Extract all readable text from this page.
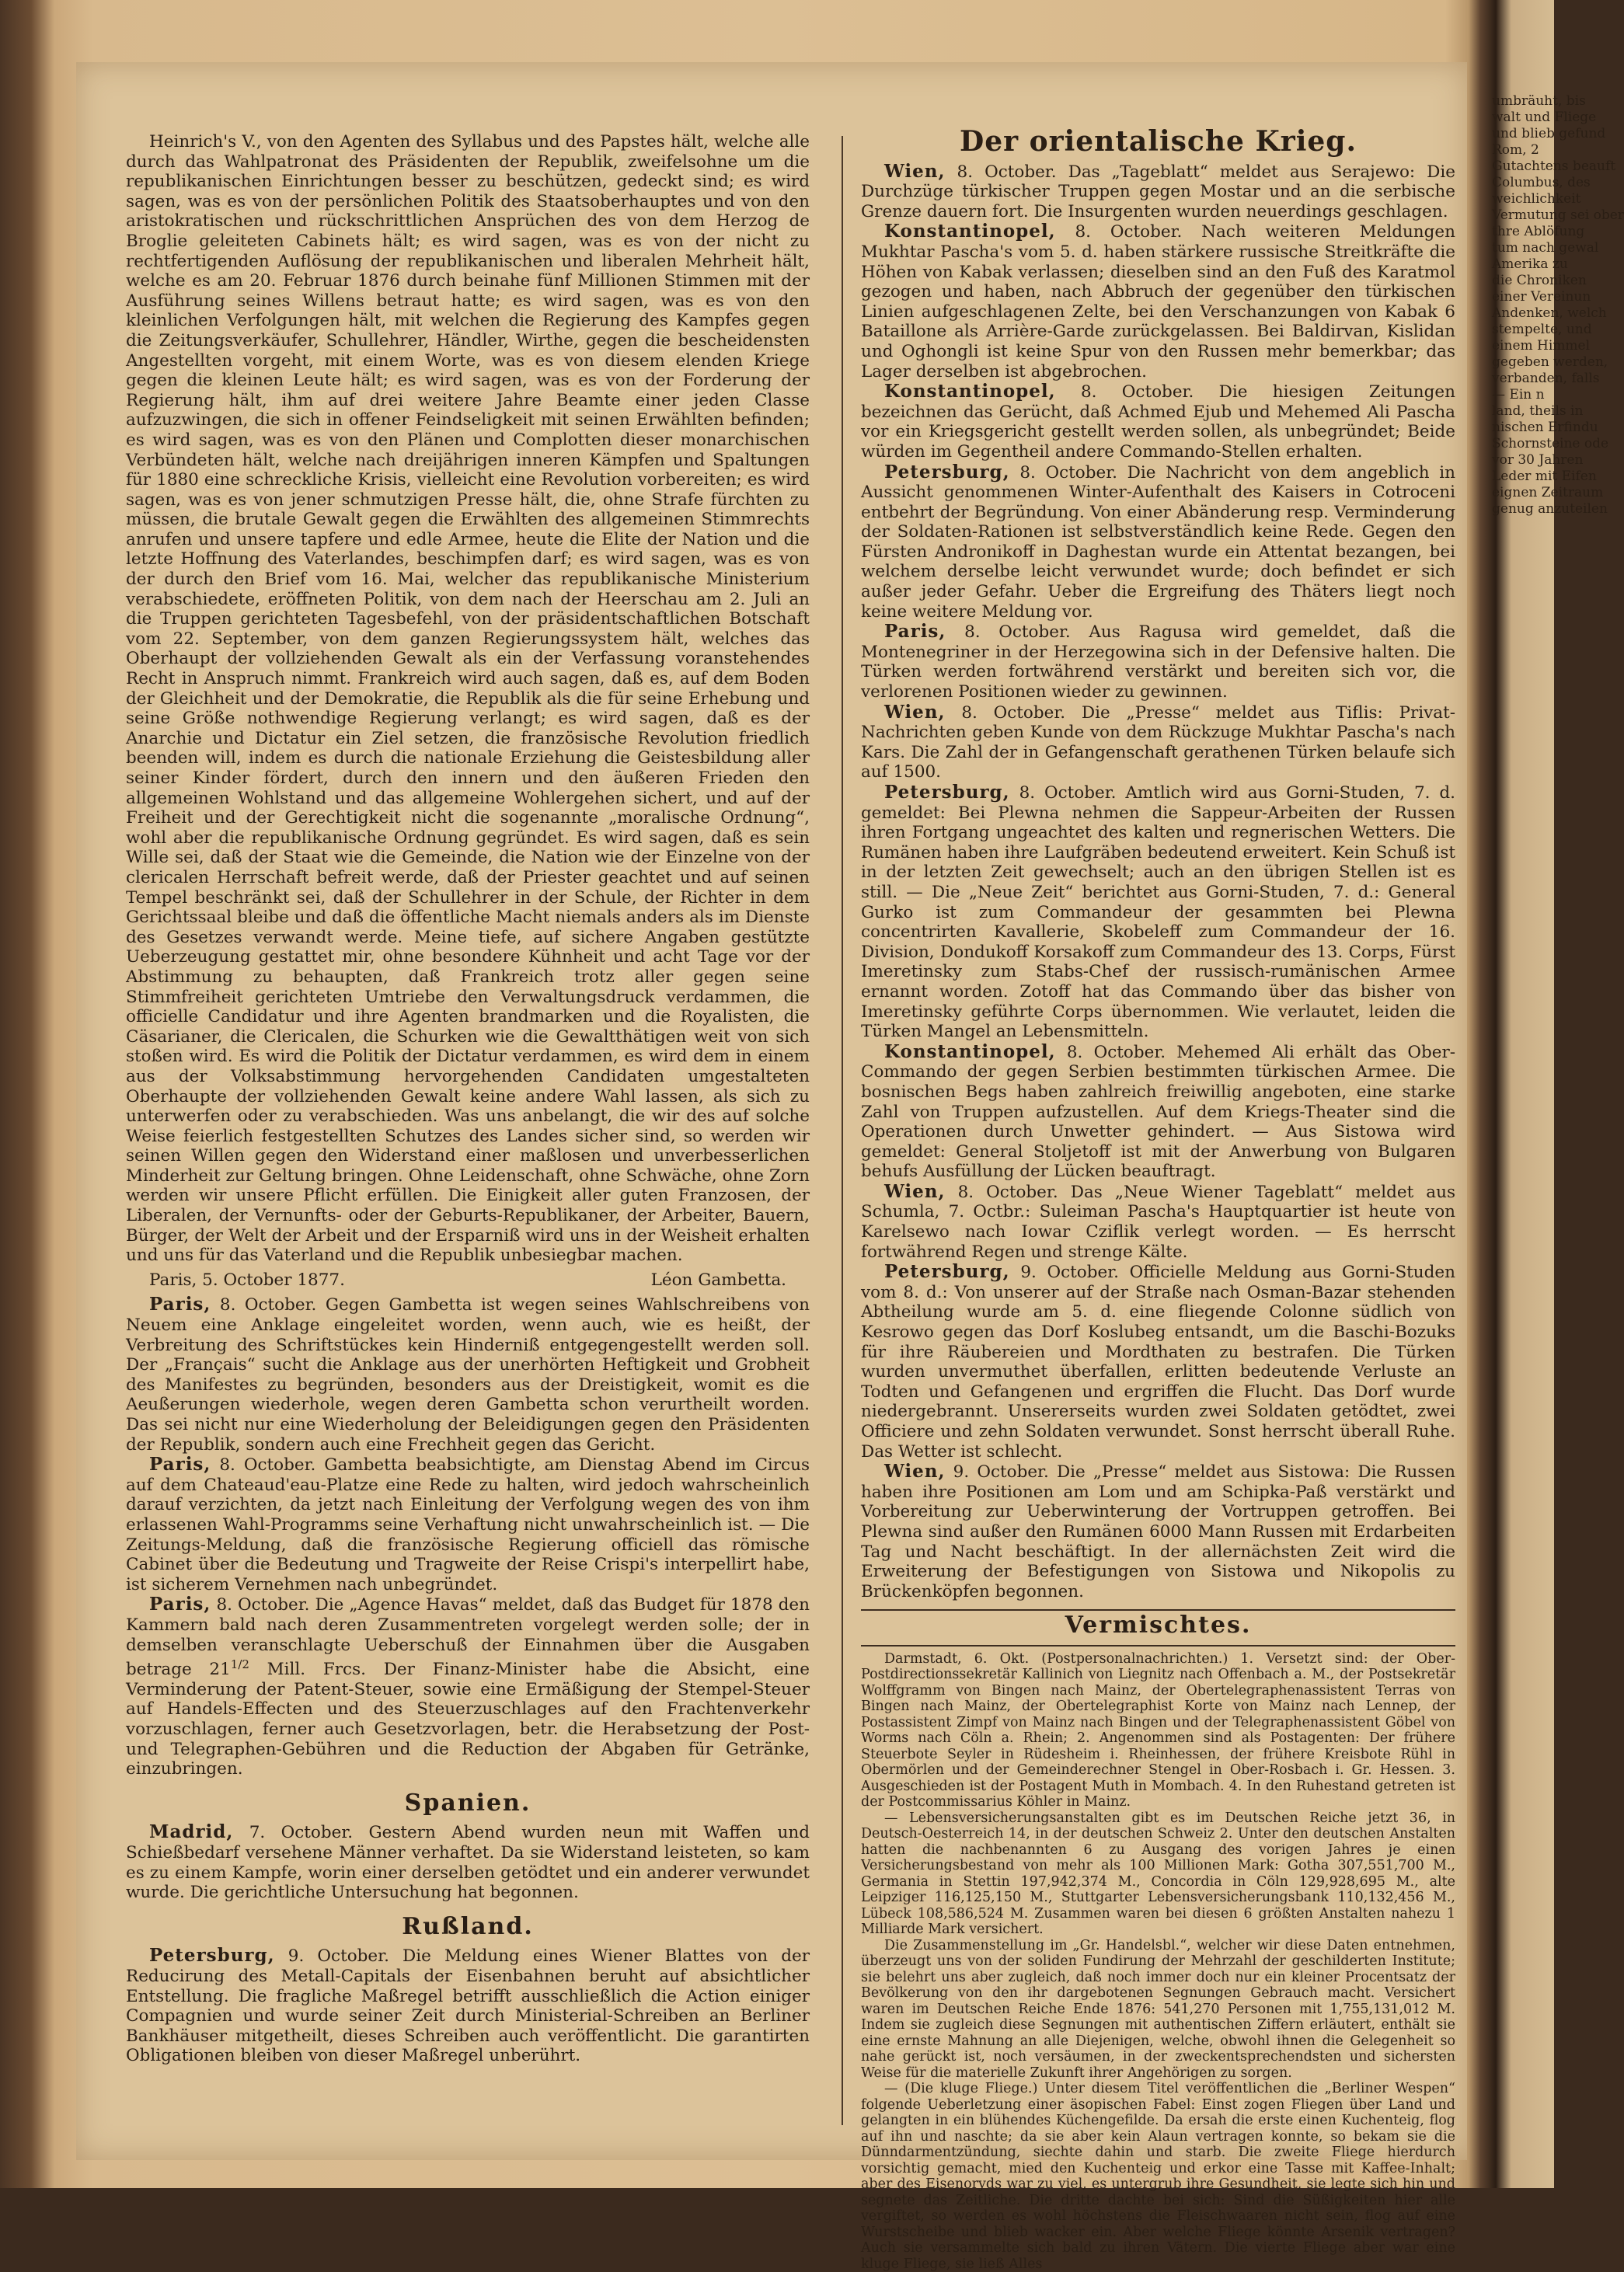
Heinrich's V., von den Agenten des Syllabus und des Papstes hält, welche alle durch das Wahlpatronat des Präsidenten der Republik, zweifelsohne um die republikanischen Einrichtungen besser zu beschützen, gedeckt sind; es wird sagen, was es von der persönlichen Politik des Staatsoberhauptes und von den aristokratischen und rückschrittlichen Ansprüchen des von dem Herzog de Broglie geleiteten Cabinets hält; es wird sagen, was es von der nicht zu rechtfertigenden Auflösung der republikanischen und liberalen Mehrheit hält, welche es am 20. Februar 1876 durch beinahe fünf Millionen Stimmen mit der Ausführung seines Willens betraut hatte; es wird sagen, was es von den kleinlichen Verfolgungen hält, mit welchen die Regierung des Kampfes gegen die Zeitungsverkäufer, Schullehrer, Händler, Wirthe, gegen die bescheidensten Angestellten vorgeht, mit einem Worte, was es von diesem elenden Kriege gegen die kleinen Leute hält; es wird sagen, was es von der Forderung der Regierung hält, ihm auf drei weitere Jahre Beamte einer jeden Classe aufzuzwingen, die sich in offener Feindseligkeit mit seinen Erwählten befinden; es wird sagen, was es von den Plänen und Complotten dieser monarchischen Verbündeten hält, welche nach dreijährigen inneren Kämpfen und Spaltungen für 1880 eine schreckliche Krisis, vielleicht eine Revolution vorbereiten; es wird sagen, was es von jener schmutzigen Presse hält, die, ohne Strafe fürchten zu müssen, die brutale Gewalt gegen die Erwählten des allgemeinen Stimmrechts anrufen und unsere tapfere und edle Armee, heute die Elite der Nation und die letzte Hoffnung des Vaterlandes, beschimpfen darf; es wird sagen, was es von der durch den Brief vom 16. Mai, welcher das republikanische Ministerium verabschiedete, eröffneten Politik, von dem nach der Heerschau am 2. Juli an die Truppen gerichteten Tagesbefehl, von der präsidentschaftlichen Botschaft vom 22. September, von dem ganzen Regierungssystem hält, welches das Oberhaupt der vollziehenden Gewalt als ein der Verfassung voranstehendes Recht in Anspruch nimmt. Frankreich wird auch sagen, daß es, auf dem Boden der Gleichheit und der Demokratie, die Republik als die für seine Erhebung und seine Größe nothwendige Regierung verlangt; es wird sagen, daß es der Anarchie und Dictatur ein Ziel setzen, die französische Revolution friedlich beenden will, indem es durch die nationale Erziehung die Geistesbildung aller seiner Kinder fördert, durch den innern und den äußeren Frieden den allgemeinen Wohlstand und das allgemeine Wohlergehen sichert, und auf der Freiheit und der Gerechtigkeit nicht die sogenannte „moralische Ordnung“, wohl aber die republikanische Ordnung gegründet. Es wird sagen, daß es sein Wille sei, daß der Staat wie die Gemeinde, die Nation wie der Einzelne von der clericalen Herrschaft befreit werde, daß der Priester geachtet und auf seinen Tempel beschränkt sei, daß der Schullehrer in der Schule, der Richter in dem Gerichtssaal bleibe und daß die öffentliche Macht niemals anders als im Dienste des Gesetzes verwandt werde. Meine tiefe, auf sichere Angaben gestützte Ueberzeugung gestattet mir, ohne besondere Kühnheit und acht Tage vor der Abstimmung zu behaupten, daß Frankreich trotz aller gegen seine Stimmfreiheit gerichteten Umtriebe den Verwaltungsdruck verdammen, die officielle Candidatur und ihre Agenten brandmarken und die Royalisten, die Cäsarianer, die Clericalen, die Schurken wie die Gewaltthätigen weit von sich stoßen wird. Es wird die Politik der Dictatur verdammen, es wird dem in einem aus der Volksabstimmung hervorgehenden Candidaten umgestalteten Oberhaupte der vollziehenden Gewalt keine andere Wahl lassen, als sich zu unterwerfen oder zu verabschieden. Was uns anbelangt, die wir des auf solche Weise feierlich festgestellten Schutzes des Landes sicher sind, so werden wir seinen Willen gegen den Widerstand einer maßlosen und unverbesserlichen Minderheit zur Geltung bringen. Ohne Leidenschaft, ohne Schwäche, ohne Zorn werden wir unsere Pflicht erfüllen. Die Einigkeit aller guten Franzosen, der Liberalen, der Vernunfts- oder der Geburts-Republikaner, der Arbeiter, Bauern, Bürger, der Welt der Arbeit und der Ersparniß wird uns in der Weisheit erhalten und uns für das Vaterland und die Republik unbesiegbar machen.

Paris, 5. October 1877.	Léon Gambetta.

Paris, 8. October. Gegen Gambetta ist wegen seines Wahlschreibens von Neuem eine Anklage eingeleitet worden, wenn auch, wie es heißt, der Verbreitung des Schriftstückes kein Hinderniß entgegengestellt werden soll. Der „Français“ sucht die Anklage aus der unerhörten Heftigkeit und Grobheit des Manifestes zu begründen, besonders aus der Dreistigkeit, womit es die Aeußerungen wiederhole, wegen deren Gambetta schon verurtheilt worden. Das sei nicht nur eine Wiederholung der Beleidigungen gegen den Präsidenten der Republik, sondern auch eine Frechheit gegen das Gericht.

Paris, 8. October. Gambetta beabsichtigte, am Dienstag Abend im Circus auf dem Chateaud'eau-Platze eine Rede zu halten, wird jedoch wahrscheinlich darauf verzichten, da jetzt nach Einleitung der Verfolgung wegen des von ihm erlassenen Wahl-Programms seine Verhaftung nicht unwahrscheinlich ist. — Die Zeitungs-Meldung, daß die französische Regierung officiell das römische Cabinet über die Bedeutung und Tragweite der Reise Crispi's interpellirt habe, ist sicherem Vernehmen nach unbegründet.

Paris, 8. October. Die „Agence Havas“ meldet, daß das Budget für 1878 den Kammern bald nach deren Zusammentreten vorgelegt werden solle; der in demselben veranschlagte Ueberschuß der Einnahmen über die Ausgaben betrage $21^{1/2}$ Mill. Frcs. Der Finanz-Minister habe die Absicht, eine Verminderung der Patent-Steuer, sowie eine Ermäßigung der Stempel-Steuer auf Handels-Effecten und des Steuerzuschlages auf den Frachtenverkehr vorzuschlagen, ferner auch Gesetzvorlagen, betr. die Herabsetzung der Post- und Telegraphen-Gebühren und die Reduction der Abgaben für Getränke, einzubringen.

Spanien.

Madrid, 7. October. Gestern Abend wurden neun mit Waffen und Schießbedarf versehene Männer verhaftet. Da sie Widerstand leisteten, so kam es zu einem Kampfe, worin einer derselben getödtet und ein anderer verwundet wurde. Die gerichtliche Untersuchung hat begonnen.

Rußland.

Petersburg, 9. October. Die Meldung eines Wiener Blattes von der Reducirung des Metall-Capitals der Eisenbahnen beruht auf absichtlicher Entstellung. Die fragliche Maßregel betrifft ausschließlich die Action einiger Compagnien und wurde seiner Zeit durch Ministerial-Schreiben an Berliner Bankhäuser mitgetheilt, dieses Schreiben auch veröffentlicht. Die garantirten Obligationen bleiben von dieser Maßregel unberührt.

Der orientalische Krieg.

Wien, 8. October. Das „Tageblatt“ meldet aus Serajewo: Die Durchzüge türkischer Truppen gegen Mostar und an die serbische Grenze dauern fort. Die Insurgenten wurden neuerdings geschlagen.

Konstantinopel, 8. October. Nach weiteren Meldungen Mukhtar Pascha's vom 5. d. haben stärkere russische Streitkräfte die Höhen von Kabak verlassen; dieselben sind an den Fuß des Karatmol gezogen und haben, nach Abbruch der gegenüber den türkischen Linien aufgeschlagenen Zelte, bei den Verschanzungen von Kabak 6 Bataillone als Arrière-Garde zurückgelassen. Bei Baldirvan, Kislidan und Oghongli ist keine Spur von den Russen mehr bemerkbar; das Lager derselben ist abgebrochen.

Konstantinopel, 8. October. Die hiesigen Zeitungen bezeichnen das Gerücht, daß Achmed Ejub und Mehemed Ali Pascha vor ein Kriegsgericht gestellt werden sollen, als unbegründet; Beide würden im Gegentheil andere Commando-Stellen erhalten.

Petersburg, 8. October. Die Nachricht von dem angeblich in Aussicht genommenen Winter-Aufenthalt des Kaisers in Cotroceni entbehrt der Begründung. Von einer Abänderung resp. Verminderung der Soldaten-Rationen ist selbstverständlich keine Rede. Gegen den Fürsten Andronikoff in Daghestan wurde ein Attentat bezangen, bei welchem derselbe leicht verwundet wurde; doch befindet er sich außer jeder Gefahr. Ueber die Ergreifung des Thäters liegt noch keine weitere Meldung vor.

Paris, 8. October. Aus Ragusa wird gemeldet, daß die Montenegriner in der Herzegowina sich in der Defensive halten. Die Türken werden fortwährend verstärkt und bereiten sich vor, die verlorenen Positionen wieder zu gewinnen.

Wien, 8. October. Die „Presse“ meldet aus Tiflis: Privat-Nachrichten geben Kunde von dem Rückzuge Mukhtar Pascha's nach Kars. Die Zahl der in Gefangenschaft gerathenen Türken belaufe sich auf 1500.

Petersburg, 8. October. Amtlich wird aus Gorni-Studen, 7. d. gemeldet: Bei Plewna nehmen die Sappeur-Arbeiten der Russen ihren Fortgang ungeachtet des kalten und regnerischen Wetters. Die Rumänen haben ihre Laufgräben bedeutend erweitert. Kein Schuß ist in der letzten Zeit gewechselt; auch an den übrigen Stellen ist es still. — Die „Neue Zeit“ berichtet aus Gorni-Studen, 7. d.: General Gurko ist zum Commandeur der gesammten bei Plewna concentrirten Kavallerie, Skobeleff zum Commandeur der 16. Division, Dondukoff Korsakoff zum Commandeur des 13. Corps, Fürst Imeretinsky zum Stabs-Chef der russisch-rumänischen Armee ernannt worden. Zotoff hat das Commando über das bisher von Imeretinsky geführte Corps übernommen. Wie verlautet, leiden die Türken Mangel an Lebensmitteln.

Konstantinopel, 8. October. Mehemed Ali erhält das Ober-Commando der gegen Serbien bestimmten türkischen Armee. Die bosnischen Begs haben zahlreich freiwillig angeboten, eine starke Zahl von Truppen aufzustellen. Auf dem Kriegs-Theater sind die Operationen durch Unwetter gehindert. — Aus Sistowa wird gemeldet: General Stoljetoff ist mit der Anwerbung von Bulgaren behufs Ausfüllung der Lücken beauftragt.

Wien, 8. October. Das „Neue Wiener Tageblatt“ meldet aus Schumla, 7. Octbr.: Suleiman Pascha's Hauptquartier ist heute von Karelsewo nach Iowar Cziflik verlegt worden. — Es herrscht fortwährend Regen und strenge Kälte.

Petersburg, 9. October. Officielle Meldung aus Gorni-Studen vom 8. d.: Von unserer auf der Straße nach Osman-Bazar stehenden Abtheilung wurde am 5. d. eine fliegende Colonne südlich von Kesrowo gegen das Dorf Koslubeg entsandt, um die Baschi-Bozuks für ihre Räubereien und Mordthaten zu bestrafen. Die Türken wurden unvermuthet überfallen, erlitten bedeutende Verluste an Todten und Gefangenen und ergriffen die Flucht. Das Dorf wurde niedergebrannt. Unsererseits wurden zwei Soldaten getödtet, zwei Officiere und zehn Soldaten verwundet. Sonst herrscht überall Ruhe. Das Wetter ist schlecht.

Wien, 9. October. Die „Presse“ meldet aus Sistowa: Die Russen haben ihre Positionen am Lom und am Schipka-Paß verstärkt und Vorbereitung zur Ueberwinterung der Vortruppen getroffen. Bei Plewna sind außer den Rumänen 6000 Mann Russen mit Erdarbeiten Tag und Nacht beschäftigt. In der allernächsten Zeit wird die Erweiterung der Befestigungen von Sistowa und Nikopolis zu Brückenköpfen begonnen.

Vermischtes.

Darmstadt, 6. Okt. (Postpersonalnachrichten.) 1. Versetzt sind: der Ober-Postdirectionssekretär Kallinich von Liegnitz nach Offenbach a. M., der Postsekretär Wolffgramm von Bingen nach Mainz, der Obertelegraphenassistent Terras von Bingen nach Mainz, der Obertelegraphist Korte von Mainz nach Lennep, der Postassistent Zimpf von Mainz nach Bingen und der Telegraphenassistent Göbel von Worms nach Cöln a. Rhein; 2. Angenommen sind als Postagenten: Der frühere Steuerbote Seyler in Rüdesheim i. Rheinhessen, der frühere Kreisbote Rühl in Obermörlen und der Gemeinderechner Stengel in Ober-Rosbach i. Gr. Hessen. 3. Ausgeschieden ist der Postagent Muth in Mombach. 4. In den Ruhestand getreten ist der Postcommissarius Köhler in Mainz.

— Lebensversicherungsanstalten gibt es im Deutschen Reiche jetzt 36, in Deutsch-Oesterreich 14, in der deutschen Schweiz 2. Unter den deutschen Anstalten hatten die nachbenannten 6 zu Ausgang des vorigen Jahres je einen Versicherungsbestand von mehr als 100 Millionen Mark: Gotha 307,551,700 M., Germania in Stettin 197,942,374 M., Concordia in Cöln 129,928,695 M., alte Leipziger 116,125,150 M., Stuttgarter Lebensversicherungsbank 110,132,456 M., Lübeck 108,586,524 M. Zusammen waren bei diesen 6 größten Anstalten nahezu 1 Milliarde Mark versichert.

Die Zusammenstellung im „Gr. Handelsbl.“, welcher wir diese Daten entnehmen, überzeugt uns von der soliden Fundirung der Mehrzahl der geschilderten Institute; sie belehrt uns aber zugleich, daß noch immer doch nur ein kleiner Procentsatz der Bevölkerung von den ihr dargebotenen Segnungen Gebrauch macht. Versichert waren im Deutschen Reiche Ende 1876: 541,270 Personen mit 1,755,131,012 M. Indem sie zugleich diese Segnungen mit authentischen Ziffern erläutert, enthält sie eine ernste Mahnung an alle Diejenigen, welche, obwohl ihnen die Gelegenheit so nahe gerückt ist, noch versäumen, in der zweckentsprechendsten und sichersten Weise für die materielle Zukunft ihrer Angehörigen zu sorgen.

— (Die kluge Fliege.) Unter diesem Titel veröffentlichen die „Berliner Wespen“ folgende Ueberletzung einer äsopischen Fabel: Einst zogen Fliegen über Land und gelangten in ein blühendes Küchengefilde. Da ersah die erste einen Kuchenteig, flog auf ihn und naschte; da sie aber kein Alaun vertragen konnte, so bekam sie die Dünndarmentzündung, siechte dahin und starb. Die zweite Fliege hierdurch vorsichtig gemacht, mied den Kuchenteig und erkor eine Tasse mit Kaffee-Inhalt; aber des Eisenoryds war zu viel, es untergrub ihre Gesundheit, sie legte sich hin und segnete das Zeitliche. Die dritte dachte bei sich: Sind die Süßigkeiten hier alle vergiftet, so werden es wohl höchstens die Fleischwaaren nicht sein, flog auf eine Wurstscheibe und blieb wacker ein. Aber welche Fliege könnte Arsenik vertragen? Auch sie versammelte sich bald zu ihren Vätern. Die vierte Fliege aber war eine kluge Fliege, sie ließ Alles

umbräuht, bis
walt und Fliege
und blieb gefund
Rom, 2
Gutachtens beauft
Columbus, des
weichlichkeit
Vermutung sei ober
thre Ablöfung
tum nach gewal
Amerika zu
die Chroniken
einer Vereinun
Andenken, welch
stempelte, und
einem Himmel
gegeben werden,
verbanden, falls
— Ein n
land, theils in
nischen Erfindu
Schornsteine ode
vor 30 Jahren
Leder mit Eifen
eignen Zeitraum
genug anzuteilen
